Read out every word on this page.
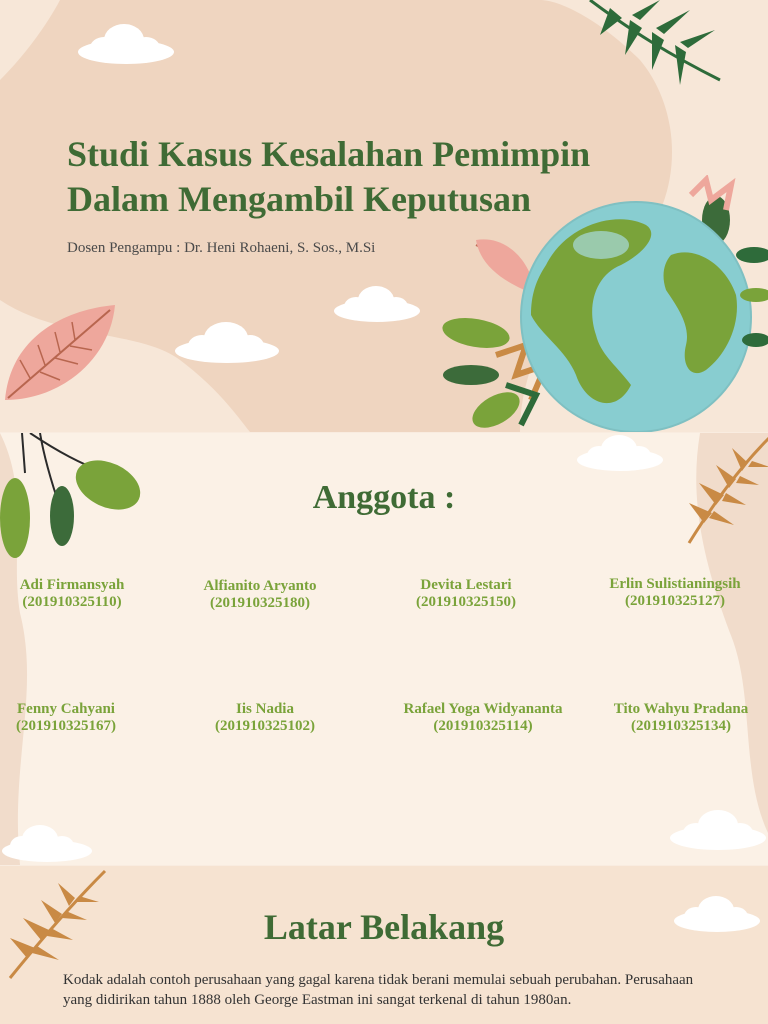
Studi Kasus Kesalahan Pemimpin
Dalam Mengambil Keputusan

Dosen Pengampu : Dr. Heni Rohaeni, S. Sos., M.Si

Anggota :
Adi Firmansyah
(201910325110)
Alfianito Aryanto
(201910325180)
Devita Lestari
(201910325150)
Erlin Sulistianingsih
(201910325127)
Fenny Cahyani
(201910325167)
Iis Nadia
(201910325102)
Rafael Yoga Widyananta
(201910325114)
Tito Wahyu Pradana
(201910325134)
Latar Belakang

Kodak adalah contoh perusahaan yang gagal karena tidak berani memulai sebuah perubahan. Perusahaan yang didirikan tahun 1888 oleh George Eastman ini sangat terkenal di tahun 1980an.
